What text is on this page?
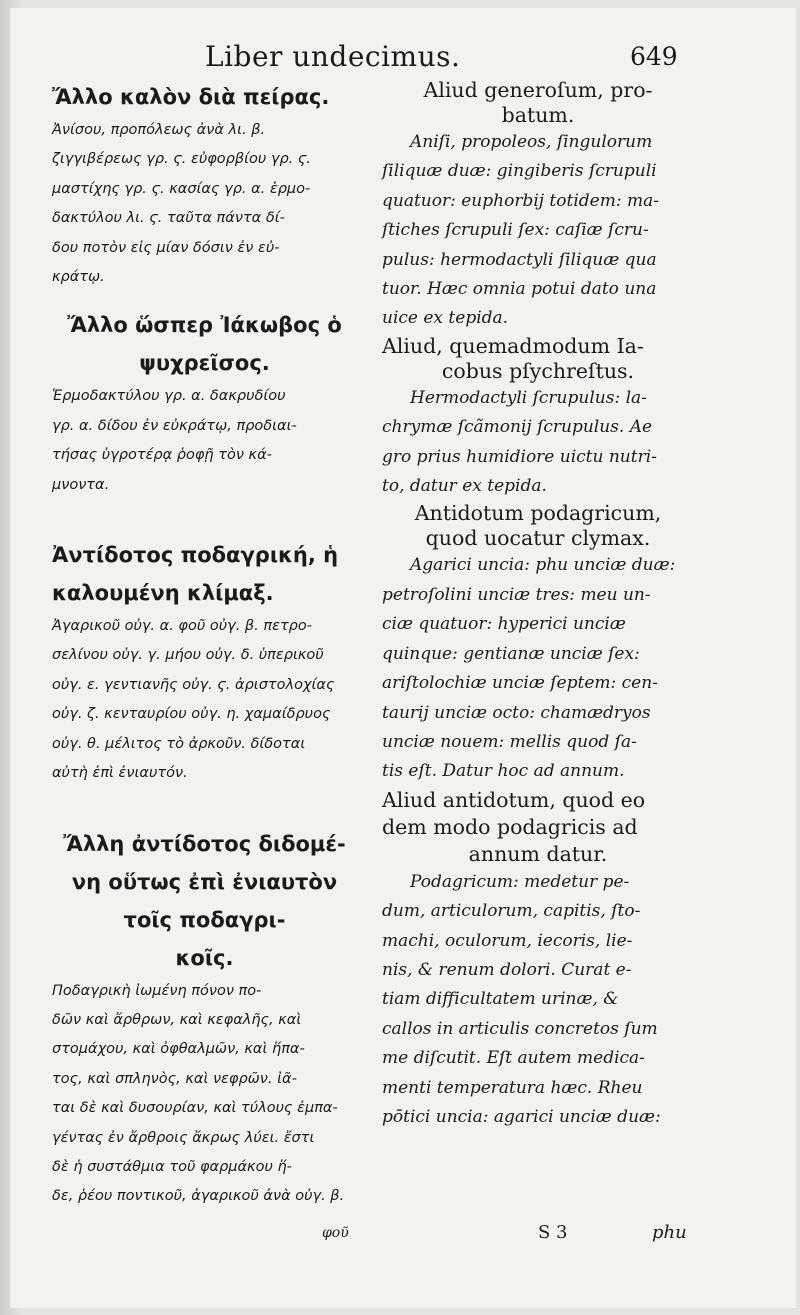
Liber undecimus.	649

Ἄλλο καλὸν διὰ πείρας.

Ἀνίσου, προπόλεως ἀνὰ λι. β.
ζιγγιβέρεως γρ. ϛ. εὐφορβίου γρ. ϛ.
μαστίχης γρ. ϛ. κασίας γρ. α. ἑρμο-
δακτύλου λι. ϛ. ταῦτα πάντα δί-
δου ποτὸν εἰς μίαν δόσιν ἐν εὐ-
κράτῳ.

Ἄλλο ὥσπερ Ἰάκωβος ὁ
ψυχρεῖσος.

Ἑρμοδακτύλου γρ. α. δακρυδίου
γρ. α. δίδου ἐν εὐκράτῳ, προδιαι-
τήσας ὑγροτέρᾳ ῥοφῇ τὸν κά-
μνοντα.

Ἀντίδοτος ποδαγρική, ἡ
καλουμένη κλίμαξ.

Ἀγαρικοῦ οὐγ. α. φοῦ οὐγ. β. πετρο-
σελίνου οὐγ. γ. μήου οὐγ. δ. ὑπερικοῦ
οὐγ. ε. γεντιανῆς οὐγ. ϛ. ἀριστολοχίας
οὐγ. ζ. κενταυρίου οὐγ. η. χαμαίδρυος
οὐγ. θ. μέλιτος τὸ ἀρκοῦν. δίδοται
αὐτὴ ἐπὶ ἐνιαυτόν.

Ἄλλη ἀντίδοτος διδομέ-
νη οὕτως ἐπὶ ἐνιαυτὸν
τοῖς ποδαγρι-
κοῖς.

Ποδαγρικὴ ἰωμένη πόνον πο-
δῶν καὶ ἄρθρων, καὶ κεφαλῆς, καὶ
στομάχου, καὶ ὀφθαλμῶν, καὶ ἥπα-
τος, καὶ σπληνὸς, καὶ νεφρῶν. ἰᾶ-
ται δὲ καὶ δυσουρίαν, καὶ τύλους ἐμπα-
γέντας ἐν ἄρθροις ἄκρως λύει. ἔστι
δὲ ἡ συστάθμια τοῦ φαρμάκου ἥ-
δε, ῥέου ποντικοῦ, ἀγαρικοῦ ἀνὰ οὐγ. β.

Aliud generoſum, pro-
batum.

Aniſi, propoleos, ſingulorum
ſiliquæ duæ: gingiberis ſcrupuli
quatuor: euphorbij totidem: ma-
ſtiches ſcrupuli ſex: caſiæ ſcru-
pulus: hermodactyli ſiliquæ qua
tuor. Hæc omnia potui dato una
uice ex tepida.

Aliud, quemadmodum Ia-
cobus pſychreſtus.

Hermodactyli ſcrupulus: la-
chrymæ ſcãmonij ſcrupulus. Ae
gro prius humidiore uictu nutri-
to, datur ex tepida.

Antidotum podagricum,
quod uocatur clymax.

Agarici uncia: phu unciæ duæ:
petroſolini unciæ tres: meu un-
ciæ quatuor: hyperici unciæ
quinque: gentianæ unciæ ſex:
ariſtolochiæ unciæ ſeptem: cen-
taurij unciæ octo: chamædryos
unciæ nouem: mellis quod ſa-
tis eſt. Datur hoc ad annum.

Aliud antidotum, quod eo
dem modo podagricis ad
annum datur.

Podagricum: medetur pe-
dum, articulorum, capitis, ſto-
machi, oculorum, iecoris, lie-
nis, & renum dolori. Curat e-
tiam difficultatem urinæ, &
callos in articulis concretos ſum
me diſcutit. Eſt autem medica-
menti temperatura hæc. Rheu
pōtici uncia: agarici unciæ duæ:

φοῦ	S 3	phu
